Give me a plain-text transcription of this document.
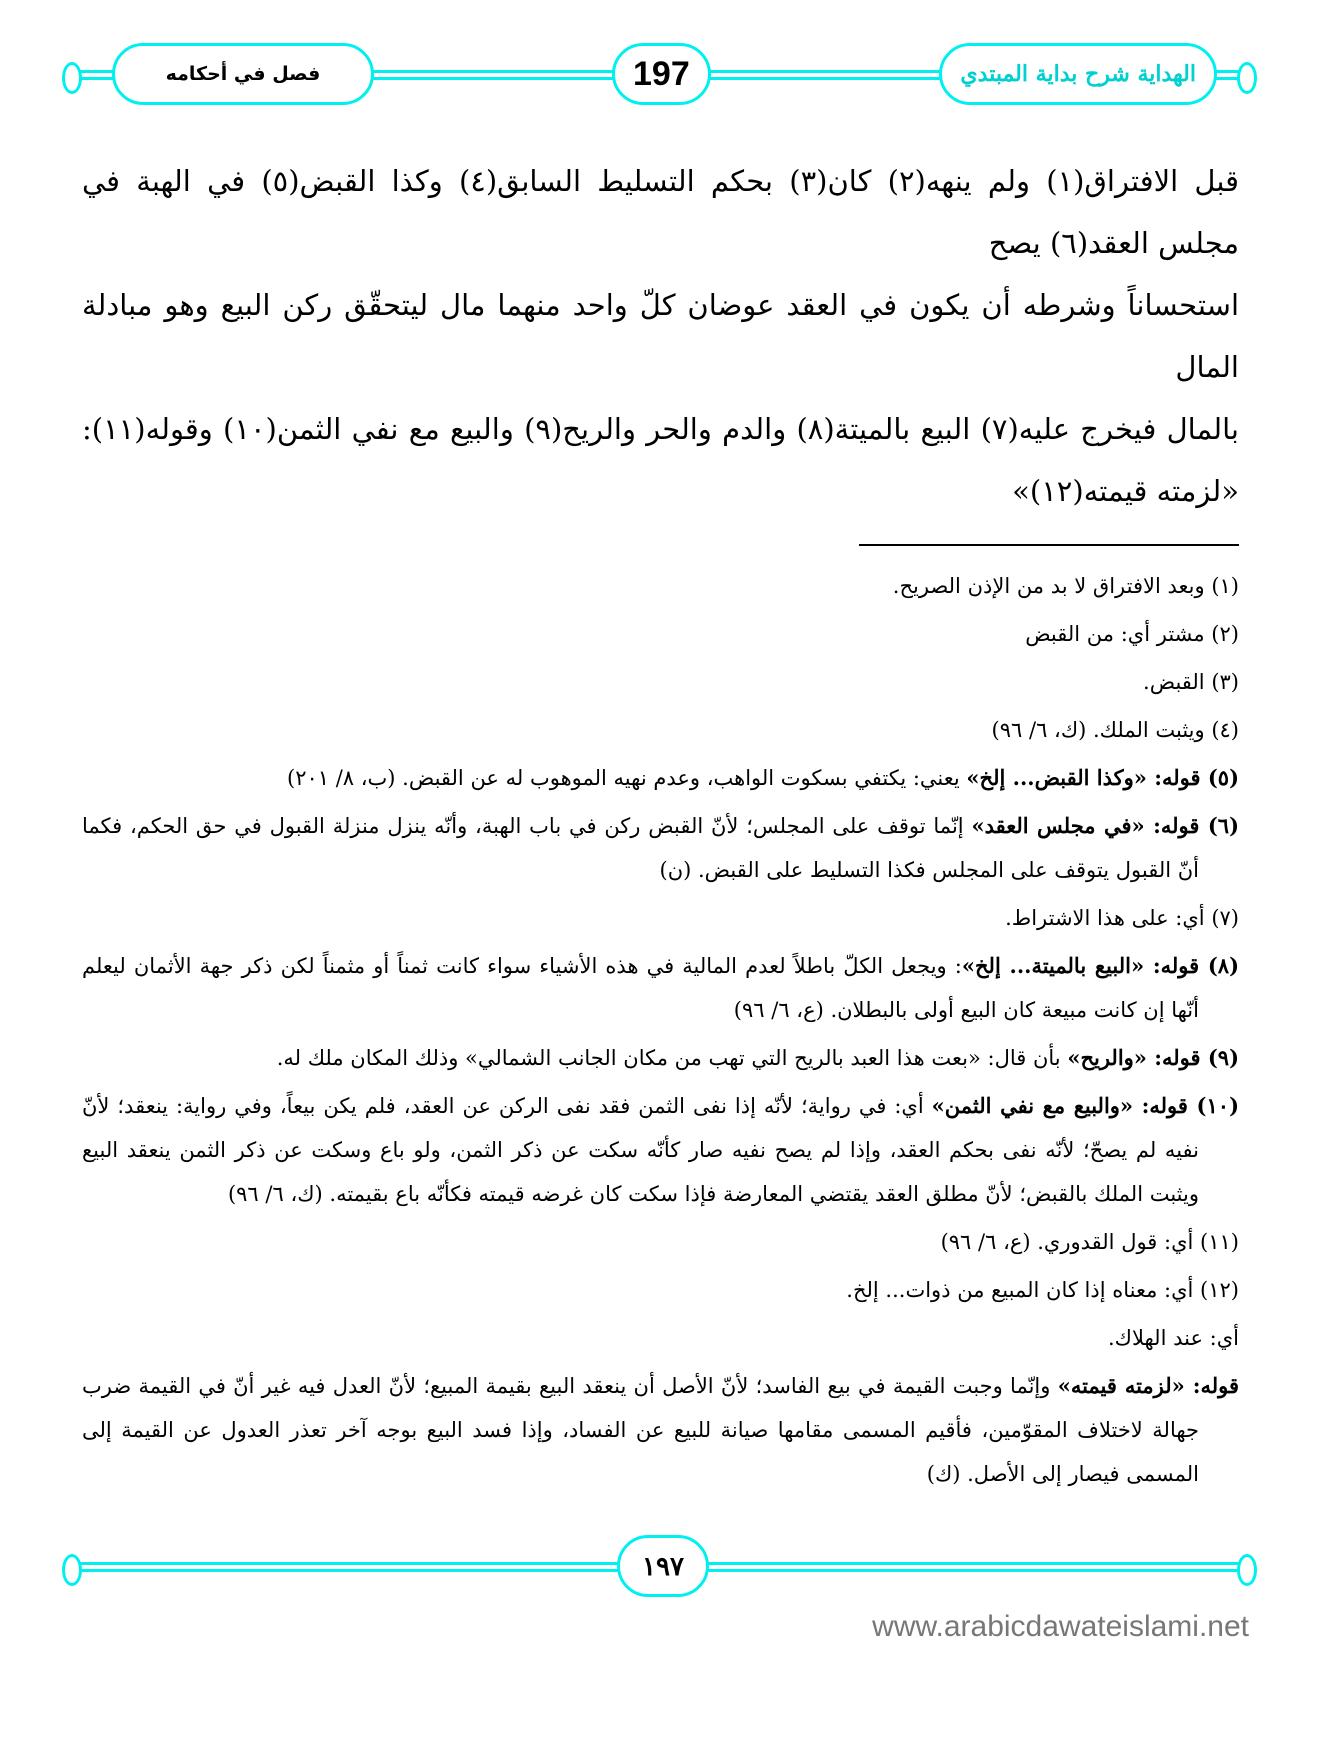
فصل في أحكامه	197	الهداية شرح بداية المبتدي

قبل الافتراق(١) ولم ينهه(٢) كان(٣) بحكم التسليط السابق(٤) وكذا القبض(٥) في الهبة في مجلس العقد(٦) يصح

استحساناً وشرطه أن يكون في العقد عوضان كلّ واحد منهما مال ليتحقّق ركن البيع وهو مبادلة المال

بالمال فيخرج عليه(٧) البيع بالميتة(٨) والدم والحر والريح(٩) والبيع مع نفي الثمن(١٠) وقوله(١١): «لزمته قيمته(١٢)»

(١) وبعد الافتراق لا بد من الإذن الصريح.

(٢) مشتر أي: من القبض

(٣) القبض.

(٤) ويثبت الملك. (ك، ٦/ ٩٦)

(٥) قوله: «وكذا القبض... إلخ» يعني: يكتفي بسكوت الواهب، وعدم نهيه الموهوب له عن القبض. (ب، ٨/ ٢٠١)

(٦) قوله: «في مجلس العقد» إنّما توقف على المجلس؛ لأنّ القبض ركن في باب الهبة، وأنّه ينزل منزلة القبول في حق الحكم، فكما أنّ القبول يتوقف على المجلس فكذا التسليط على القبض. (ن)

(٧) أي: على هذا الاشتراط.

(٨) قوله: «البيع بالميتة... إلخ»: ويجعل الكلّ باطلاً لعدم المالية في هذه الأشياء سواء كانت ثمناً أو مثمناً لكن ذكر جهة الأثمان ليعلم أنّها إن كانت مبيعة كان البيع أولى بالبطلان. (ع، ٦/ ٩٦)

(٩) قوله: «والريح» بأن قال: «بعت هذا العبد بالريح التي تهب من مكان الجانب الشمالي» وذلك المكان ملك له.

(١٠) قوله: «والبيع مع نفي الثمن» أي: في رواية؛ لأنّه إذا نفى الثمن فقد نفى الركن عن العقد، فلم يكن بيعاً، وفي رواية: ينعقد؛ لأنّ نفيه لم يصحّ؛ لأنّه نفى بحكم العقد، وإذا لم يصح نفيه صار كأنّه سكت عن ذكر الثمن، ولو باع وسكت عن ذكر الثمن ينعقد البيع ويثبت الملك بالقبض؛ لأنّ مطلق العقد يقتضي المعارضة فإذا سكت كان غرضه قيمته فكأنّه باع بقيمته. (ك، ٦/ ٩٦)

(١١) أي: قول القدوري. (ع، ٦/ ٩٦)

(١٢) أي: معناه إذا كان المبيع من ذوات... إلخ.

أي: عند الهلاك.

قوله: «لزمته قيمته» وإنّما وجبت القيمة في بيع الفاسد؛ لأنّ الأصل أن ينعقد البيع بقيمة المبيع؛ لأنّ العدل فيه غير أنّ في القيمة ضرب جهالة لاختلاف المقوّمين، فأقيم المسمى مقامها صيانة للبيع عن الفساد، وإذا فسد البيع بوجه آخر تعذر العدول عن القيمة إلى المسمى فيصار إلى الأصل. (ك)

١٩٧
www.arabicdawateislami.net
